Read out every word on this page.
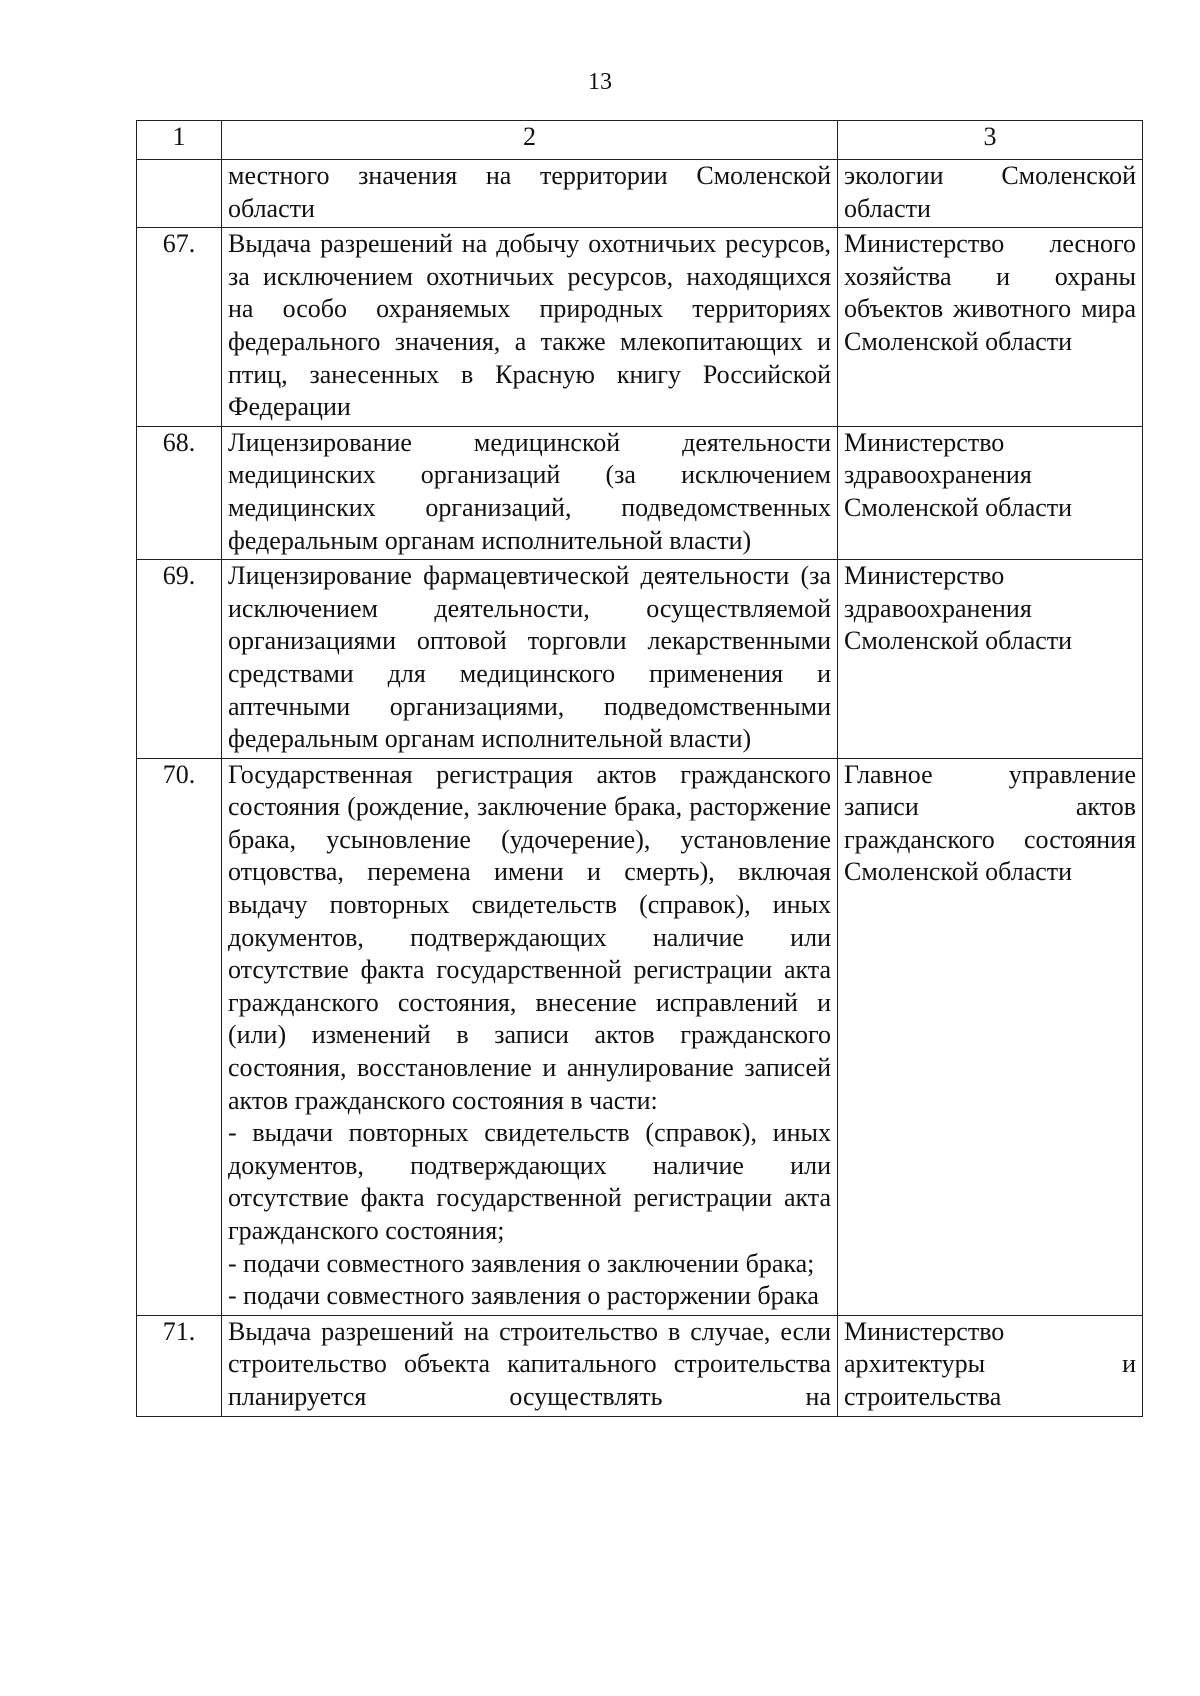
13
1	2	3

	местного значения на территории Смоленской области	экологии Смоленской области
67.	Выдача разрешений на добычу охотничьих ресурсов, за исключением охотничьих ресурсов, находящихся на особо охраняемых природных территориях федерального значения, а также млекопитающих и птиц, занесенных в Красную книгу Российской Федерации	Министерство лесного хозяйства и охраны объектов животного мира Смоленской области
68.	Лицензирование медицинской деятельности медицинских организаций (за исключением медицинских организаций, подведомственных федеральным органам исполнительной власти)	Министерство здравоохранения Смоленской области
69.	Лицензирование фармацевтической деятельности (за исключением деятельности, осуществляемой организациями оптовой торговли лекарственными средствами для медицинского применения и аптечными организациями, подведомственными федеральным органам исполнительной власти)	Министерство здравоохранения Смоленской области
70.	Государственная регистрация актов гражданского состояния (рождение, заключение брака, расторжение брака, усыновление (удочерение), установление отцовства, перемена имени и смерть), включая выдачу повторных свидетельств (справок), иных документов, подтверждающих наличие или отсутствие факта государственной регистрации акта гражданского состояния, внесение исправлений и (или) изменений в записи актов гражданского состояния, восстановление и аннулирование записей актов гражданского состояния в части:
- выдачи повторных свидетельств (справок), иных документов, подтверждающих наличие или отсутствие факта государственной регистрации акта гражданского состояния;
- подачи совместного заявления о заключении брака;
- подачи совместного заявления о расторжении брака	Главное управление записи актов гражданского состояния Смоленской области
71.	Выдача разрешений на строительство в случае, если строительство объекта капитального строительства планируется осуществлять на	Министерство архитектуры и строительства
